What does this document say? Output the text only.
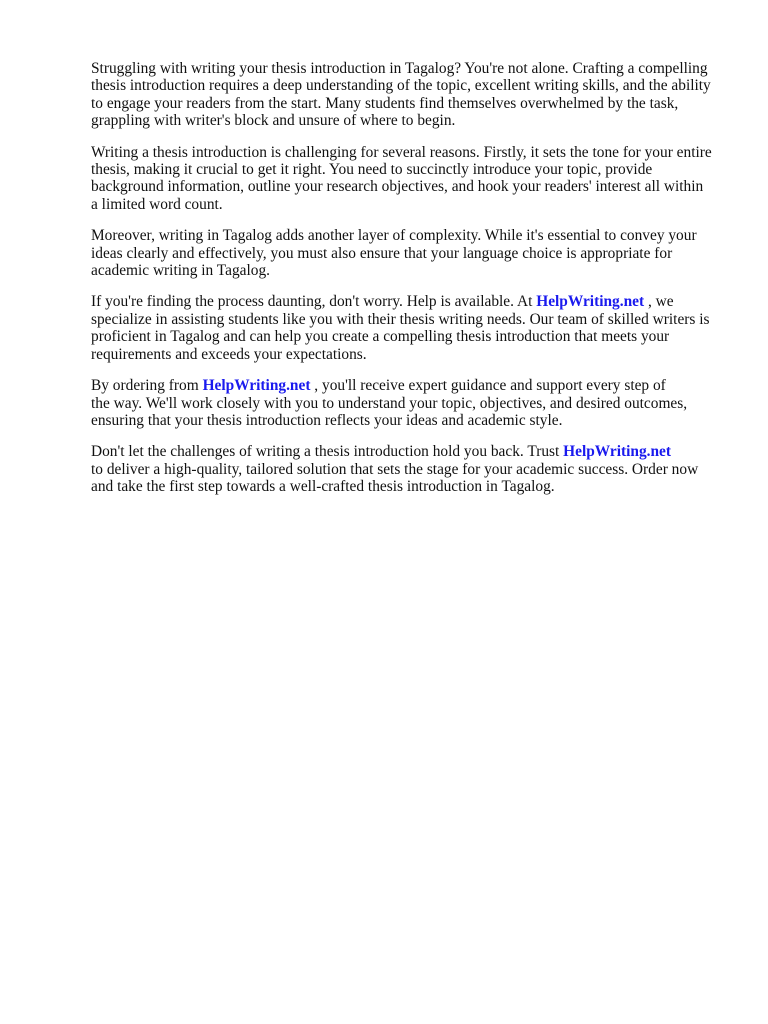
Struggling with writing your thesis introduction in Tagalog? You're not alone. Crafting a compelling
thesis introduction requires a deep understanding of the topic, excellent writing skills, and the ability
to engage your readers from the start. Many students find themselves overwhelmed by the task,
grappling with writer's block and unsure of where to begin.

Writing a thesis introduction is challenging for several reasons. Firstly, it sets the tone for your entire
thesis, making it crucial to get it right. You need to succinctly introduce your topic, provide
background information, outline your research objectives, and hook your readers' interest all within
a limited word count.

Moreover, writing in Tagalog adds another layer of complexity. While it's essential to convey your
ideas clearly and effectively, you must also ensure that your language choice is appropriate for
academic writing in Tagalog.

If you're finding the process daunting, don't worry. Help is available. At HelpWriting.net , we
specialize in assisting students like you with their thesis writing needs. Our team of skilled writers is
proficient in Tagalog and can help you create a compelling thesis introduction that meets your
requirements and exceeds your expectations.

By ordering from HelpWriting.net , you'll receive expert guidance and support every step of
the way. We'll work closely with you to understand your topic, objectives, and desired outcomes,
ensuring that your thesis introduction reflects your ideas and academic style.

Don't let the challenges of writing a thesis introduction hold you back. Trust HelpWriting.net
to deliver a high-quality, tailored solution that sets the stage for your academic success. Order now
and take the first step towards a well-crafted thesis introduction in Tagalog.
